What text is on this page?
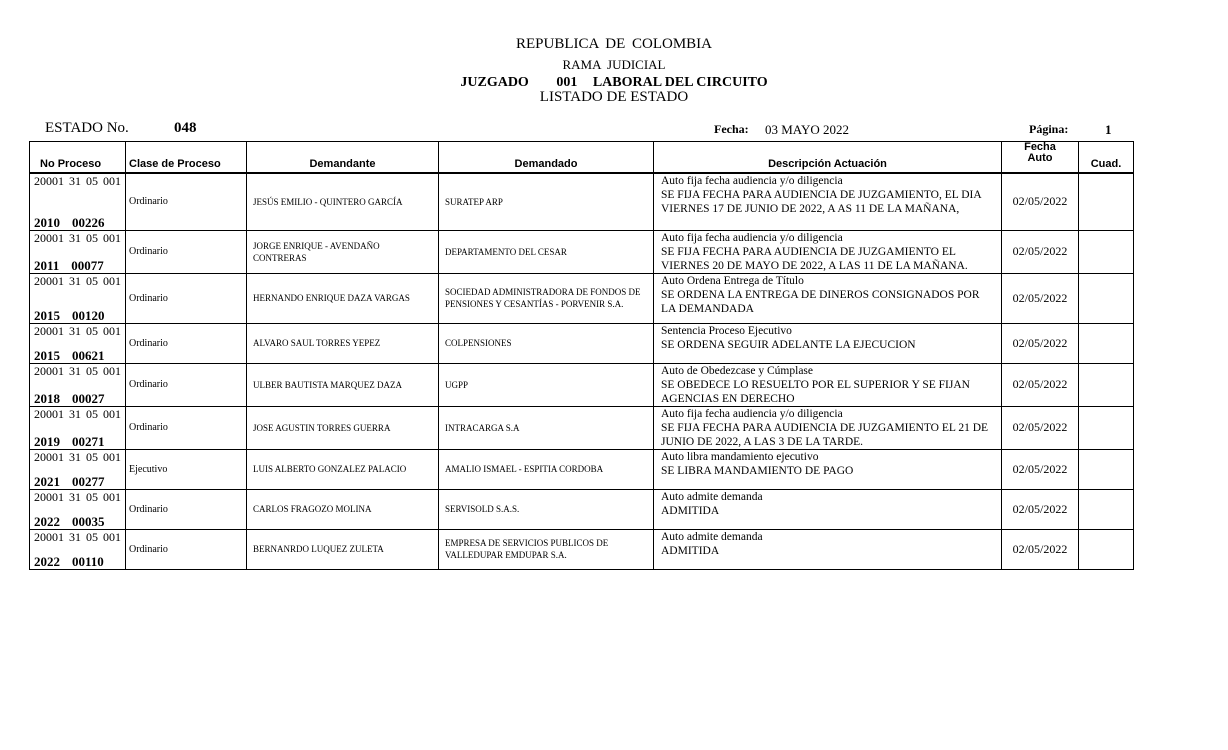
REPUBLICA DE COLOMBIA
RAMA JUDICIAL
JUZGADO 001 LABORAL DEL CIRCUITO
LISTADO DE ESTADO
ESTADO No.	048	Fecha: 03 MAYO 2022	Página:	1
No Proceso	Clase de Proceso	Demandante	Demandado	Descripción Actuación	Fecha
Auto	Cuad.

20001 31 05 001
2010 00226	Ordinario	JESÚS EMILIO - QUINTERO GARCÍA	SURATEP ARP	Auto fija fecha audiencia y/o diligencia
SE FIJA FECHA PARA AUDIENCIA DE JUZGAMIENTO, EL DIA VIERNES 17 DE JUNIO DE 2022, A AS 11 DE LA MAÑANA,	02/05/2022	

20001 31 05 001
2011 00077	Ordinario	JORGE ENRIQUE - AVENDAÑO CONTRERAS	DEPARTAMENTO DEL CESAR	Auto fija fecha audiencia y/o diligencia
SE FIJA FECHA PARA AUDIENCIA DE JUZGAMIENTO EL VIERNES 20 DE MAYO DE 2022, A LAS 11 DE LA MAÑANA.	02/05/2022	

20001 31 05 001
2015 00120	Ordinario	HERNANDO ENRIQUE DAZA VARGAS	SOCIEDAD ADMINISTRADORA DE FONDOS DE PENSIONES Y CESANTÍAS - PORVENIR S.A.	Auto Ordena Entrega de Título
SE ORDENA LA ENTREGA DE DINEROS CONSIGNADOS POR LA DEMANDADA	02/05/2022	

20001 31 05 001
2015 00621	Ordinario	ALVARO SAUL TORRES YEPEZ	COLPENSIONES	Sentencia Proceso Ejecutivo
SE ORDENA SEGUIR ADELANTE LA EJECUCION	02/05/2022	

20001 31 05 001
2018 00027	Ordinario	ULBER BAUTISTA MARQUEZ DAZA	UGPP	Auto de Obedezcase y Cúmplase
SE OBEDECE LO RESUELTO POR EL SUPERIOR Y SE FIJAN AGENCIAS EN DERECHO	02/05/2022	

20001 31 05 001
2019 00271	Ordinario	JOSE AGUSTIN TORRES GUERRA	INTRACARGA S.A	Auto fija fecha audiencia y/o diligencia
SE FIJA FECHA PARA AUDIENCIA DE JUZGAMIENTO EL 21 DE JUNIO DE 2022, A LAS 3 DE LA TARDE.	02/05/2022	

20001 31 05 001
2021 00277	Ejecutivo	LUIS ALBERTO GONZALEZ PALACIO	AMALIO ISMAEL - ESPITIA CORDOBA	Auto libra mandamiento ejecutivo
SE LIBRA MANDAMIENTO DE PAGO	02/05/2022	

20001 31 05 001
2022 00035	Ordinario	CARLOS FRAGOZO MOLINA	SERVISOLD S.A.S.	Auto admite demanda
ADMITIDA	02/05/2022	

20001 31 05 001
2022 00110	Ordinario	BERNANRDO LUQUEZ ZULETA	EMPRESA DE SERVICIOS PUBLICOS DE VALLEDUPAR EMDUPAR S.A.	Auto admite demanda
ADMITIDA	02/05/2022	
